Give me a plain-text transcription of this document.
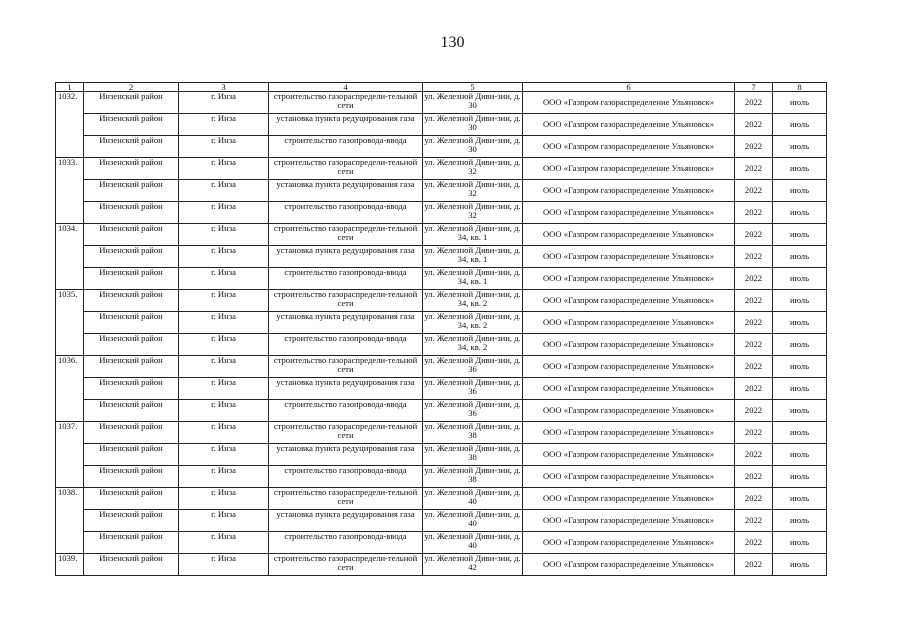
130
1	2	3	4	5	6	7	8
1032.	Инзенский район	г. Инза	строительство газораспредели-тельной сети	ул. Железной Диви-зии, д. 30	ООО «Газпром газораспределение Ульяновск»	2022	июль
	Инзенский район	г. Инза	установка пункта редуцирования газа	ул. Железной Диви-зии, д. 30	ООО «Газпром газораспределение Ульяновск»	2022	июль
	Инзенский район	г. Инза	строительство газопровода-ввода	ул. Железной Диви-зии, д. 30	ООО «Газпром газораспределение Ульяновск»	2022	июль
1033.	Инзенский район	г. Инза	строительство газораспредели-тельной сети	ул. Железной Диви-зии, д. 32	ООО «Газпром газораспределение Ульяновск»	2022	июль
	Инзенский район	г. Инза	установка пункта редуцирования газа	ул. Железной Диви-зии, д. 32	ООО «Газпром газораспределение Ульяновск»	2022	июль
	Инзенский район	г. Инза	строительство газопровода-ввода	ул. Железной Диви-зии, д. 32	ООО «Газпром газораспределение Ульяновск»	2022	июль
1034.	Инзенский район	г. Инза	строительство газораспредели-тельной сети	ул. Железной Диви-зии, д. 34, кв. 1	ООО «Газпром газораспределение Ульяновск»	2022	июль
	Инзенский район	г. Инза	установка пункта редуцирования газа	ул. Железной Диви-зии, д. 34, кв. 1	ООО «Газпром газораспределение Ульяновск»	2022	июль
	Инзенский район	г. Инза	строительство газопровода-ввода	ул. Железной Диви-зии, д. 34, кв. 1	ООО «Газпром газораспределение Ульяновск»	2022	июль
1035.	Инзенский район	г. Инза	строительство газораспредели-тельной сети	ул. Железной Диви-зии, д. 34, кв. 2	ООО «Газпром газораспределение Ульяновск»	2022	июль
	Инзенский район	г. Инза	установка пункта редуцирования газа	ул. Железной Диви-зии, д. 34, кв. 2	ООО «Газпром газораспределение Ульяновск»	2022	июль
	Инзенский район	г. Инза	строительство газопровода-ввода	ул. Железной Диви-зии, д. 34, кв. 2	ООО «Газпром газораспределение Ульяновск»	2022	июль
1036.	Инзенский район	г. Инза	строительство газораспредели-тельной сети	ул. Железной Диви-зии, д. 36	ООО «Газпром газораспределение Ульяновск»	2022	июль
	Инзенский район	г. Инза	установка пункта редуцирования газа	ул. Железной Диви-зии, д. 36	ООО «Газпром газораспределение Ульяновск»	2022	июль
	Инзенский район	г. Инза	строительство газопровода-ввода	ул. Железной Диви-зии, д. 36	ООО «Газпром газораспределение Ульяновск»	2022	июль
1037.	Инзенский район	г. Инза	строительство газораспредели-тельной сети	ул. Железной Диви-зии, д. 38	ООО «Газпром газораспределение Ульяновск»	2022	июль
	Инзенский район	г. Инза	установка пункта редуцирования газа	ул. Железной Диви-зии, д. 38	ООО «Газпром газораспределение Ульяновск»	2022	июль
	Инзенский район	г. Инза	строительство газопровода-ввода	ул. Железной Диви-зии, д. 38	ООО «Газпром газораспределение Ульяновск»	2022	июль
1038.	Инзенский район	г. Инза	строительство газораспредели-тельной сети	ул. Железной Диви-зии, д. 40	ООО «Газпром газораспределение Ульяновск»	2022	июль
	Инзенский район	г. Инза	установка пункта редуцирования газа	ул. Железной Диви-зии, д. 40	ООО «Газпром газораспределение Ульяновск»	2022	июль
	Инзенский район	г. Инза	строительство газопровода-ввода	ул. Железной Диви-зии, д. 40	ООО «Газпром газораспределение Ульяновск»	2022	июль
1039.	Инзенский район	г. Инза	строительство газораспредели-тельной сети	ул. Железной Диви-зии, д. 42	ООО «Газпром газораспределение Ульяновск»	2022	июль
